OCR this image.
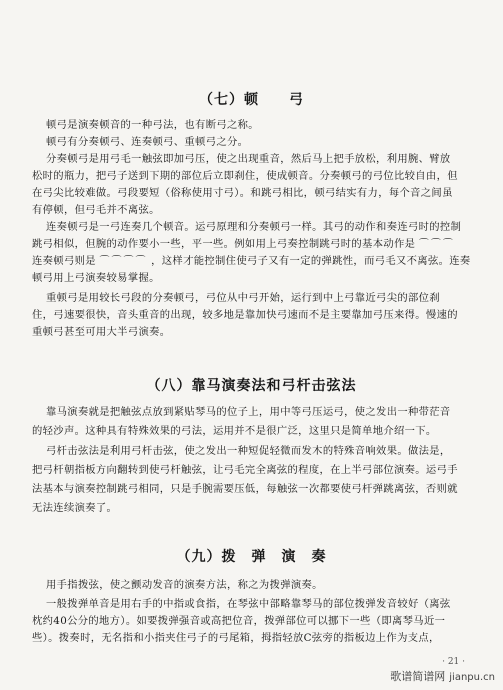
（七）顿　　弓
顿弓是演奏顿音的一种弓法，也有断弓之称。
顿弓有分奏顿弓、连奏顿弓、重顿弓之分。
分奏顿弓是用弓毛一触弦即加弓压，使之出现重音，然后马上把手放松，利用腕、臂放
松时的瓶力，把弓子送到下期的部位后立即刹住，使成顿音。分奏顿弓的弓位比较自由，但
在弓尖比较难做。弓段要短（俗称使用寸弓）。和跳弓相比，顿弓结实有力，每个音之间虽
有停顿，但弓毛并不离弦。
连奏顿弓是一弓连奏几个顿音。运弓原理和分奏顿弓一样。其弓的动作和奏连弓时的控制
跳弓相似，但腕的动作要小一些，平一些。例如用上弓奏控制跳弓时的基本动作是 ⌒⌒⌒
连奏顿弓则是 ⌒⌒⌒⌒ ，这样才能控制住使弓子又有一定的弹跳性，而弓毛又不离弦。连奏
顿弓用上弓演奏较易掌握。
重顿弓是用较长弓段的分奏顿弓，弓位从中弓开始，运行到中上弓靠近弓尖的部位刹
住，弓速要很快，音头重音的出现，较多地是靠加快弓速而不是主要靠加弓压来得。慢速的
重顿弓甚至可用大半弓演奏。
（八）靠马演奏法和弓杆击弦法
靠马演奏就是把触弦点放到紧贴琴马的位子上，用中等弓压运弓，使之发出一种带茫音
的轻沙声。这种具有特殊效果的弓法，运用并不是很广泛，这里只是简单地介绍一下。
弓杆击弦法是利用弓杆击弦，使之发出一种短促轻微而发木的特殊音响效果。做法是，
把弓杆朝指板方向翻转到使弓杆触弦，让弓毛完全离弦的程度，在上半弓部位演奏。运弓手
法基本与演奏控制跳弓相同，只是手腕需要压低，每触弦一次都要使弓杆弹跳离弦，否则就
无法连续演奏了。
（九）拨　弹　演　奏
用手指拨弦，使之颤动发音的演奏方法，称之为拨弹演奏。
一般拨弹单音是用右手的中指或食指，在琴弦中部略靠琴马的部位拨弹发音较好（离弦
枕约40公分的地方）。如要拨弹强音或高把位音，拨弹部位可以挪下一些（即离琴马近一
些）。拨奏时，无名指和小指夹住弓子的弓尾箱，拇指轻放C弦旁的指板边上作为支点，
· 21 ·
歌谱简谱网 jianpu.cn
